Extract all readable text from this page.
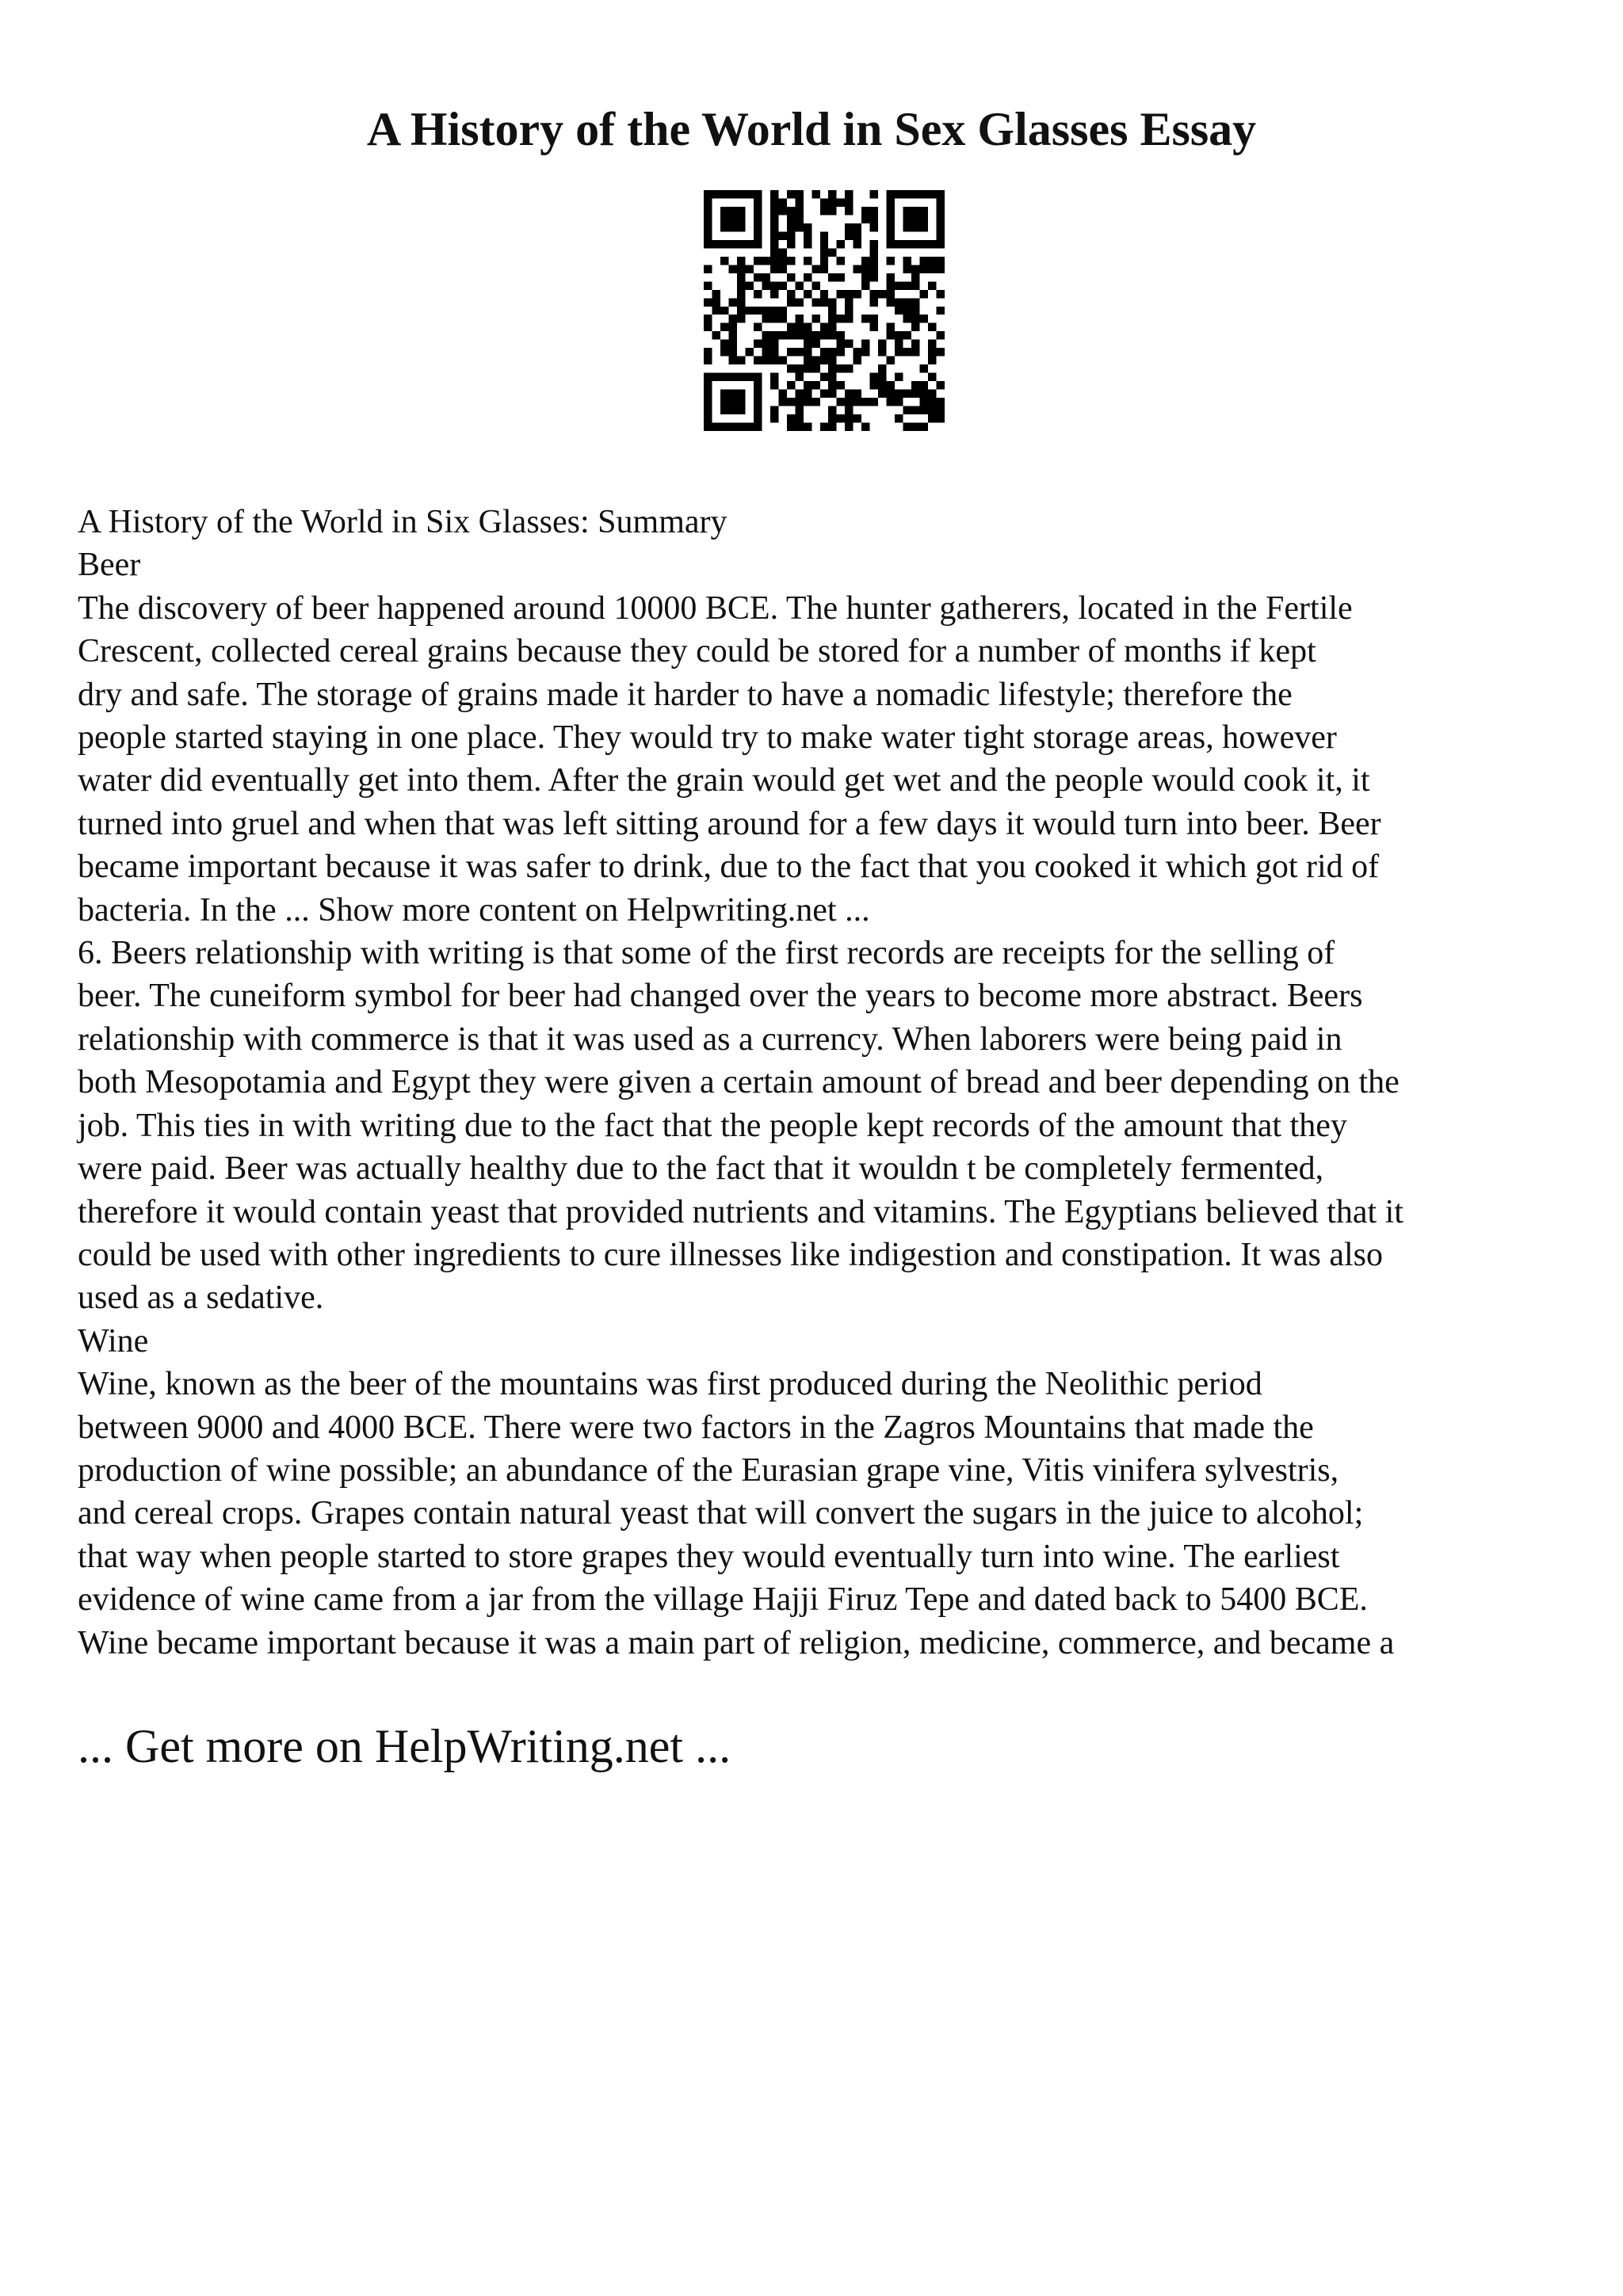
A History of the World in Sex Glasses Essay
A History of the World in Six Glasses: Summary
Beer
The discovery of beer happened around 10000 BCE. The hunter gatherers, located in the Fertile
Crescent, collected cereal grains because they could be stored for a number of months if kept
dry and safe. The storage of grains made it harder to have a nomadic lifestyle; therefore the
people started staying in one place. They would try to make water tight storage areas, however
water did eventually get into them. After the grain would get wet and the people would cook it, it
turned into gruel and when that was left sitting around for a few days it would turn into beer. Beer
became important because it was safer to drink, due to the fact that you cooked it which got rid of
bacteria. In the ... Show more content on Helpwriting.net ...
6. Beers relationship with writing is that some of the first records are receipts for the selling of
beer. The cuneiform symbol for beer had changed over the years to become more abstract. Beers
relationship with commerce is that it was used as a currency. When laborers were being paid in
both Mesopotamia and Egypt they were given a certain amount of bread and beer depending on the
job. This ties in with writing due to the fact that the people kept records of the amount that they
were paid. Beer was actually healthy due to the fact that it wouldn t be completely fermented,
therefore it would contain yeast that provided nutrients and vitamins. The Egyptians believed that it
could be used with other ingredients to cure illnesses like indigestion and constipation. It was also
used as a sedative.
Wine
Wine, known as the beer of the mountains was first produced during the Neolithic period
between 9000 and 4000 BCE. There were two factors in the Zagros Mountains that made the
production of wine possible; an abundance of the Eurasian grape vine, Vitis vinifera sylvestris,
and cereal crops. Grapes contain natural yeast that will convert the sugars in the juice to alcohol;
that way when people started to store grapes they would eventually turn into wine. The earliest
evidence of wine came from a jar from the village Hajji Firuz Tepe and dated back to 5400 BCE.
Wine became important because it was a main part of religion, medicine, commerce, and became a

... Get more on HelpWriting.net ...
